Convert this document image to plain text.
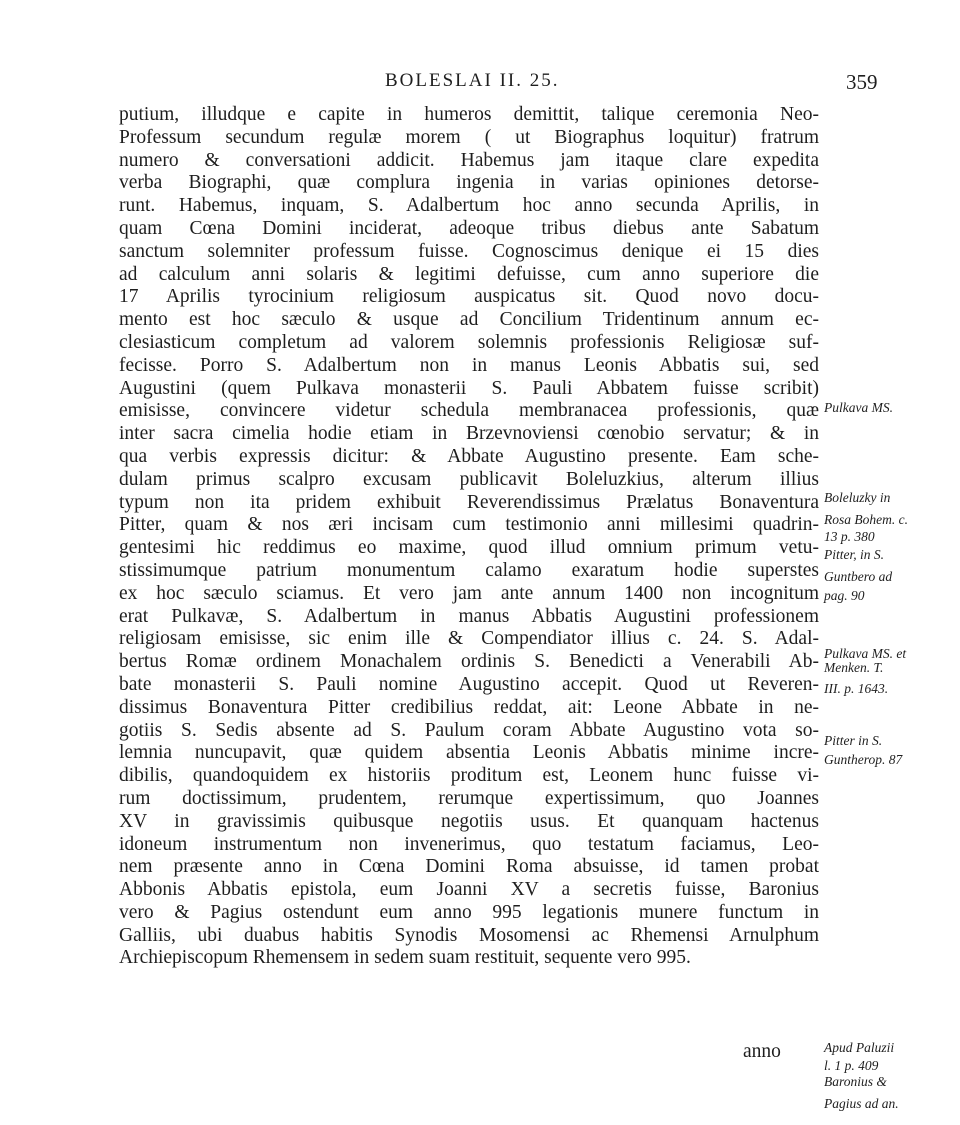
BOLESLAI II. 25.	359
putium, illudque e capite in humeros demittit, talique ceremonia Neo-
Professum secundum regulæ morem ( ut Biographus loquitur) fratrum
numero & conversationi addicit. Habemus jam itaque clare expedita
verba Biographi, quæ complura ingenia in varias opiniones detorse-
runt. Habemus, inquam, S. Adalbertum hoc anno secunda Aprilis, in
quam Cœna Domini inciderat, adeoque tribus diebus ante Sabatum
sanctum solemniter professum fuisse. Cognoscimus denique ei 15 dies
ad calculum anni solaris & legitimi defuisse, cum anno superiore die
17 Aprilis tyrocinium religiosum auspicatus sit. Quod novo docu-
mento est hoc sæculo & usque ad Concilium Tridentinum annum ec-
clesiasticum completum ad valorem solemnis professionis Religiosæ suf-
fecisse. Porro S. Adalbertum non in manus Leonis Abbatis sui, sed
Augustini (quem Pulkava monasterii S. Pauli Abbatem fuisse scribit)
emisisse, convincere videtur schedula membranacea professionis, quæ
inter sacra cimelia hodie etiam in Brzevnoviensi cœnobio servatur; & in
qua verbis expressis dicitur: & Abbate Augustino presente. Eam sche-
dulam primus scalpro excusam publicavit Boleluzkius, alterum illius
typum non ita pridem exhibuit Reverendissimus Prælatus Bonaventura
Pitter, quam & nos æri incisam cum testimonio anni millesimi quadrin-
gentesimi hic reddimus eo maxime, quod illud omnium primum vetu-
stissimumque patrium monumentum calamo exaratum hodie superstes
ex hoc sæculo sciamus. Et vero jam ante annum 1400 non incognitum
erat Pulkavæ, S. Adalbertum in manus Abbatis Augustini professionem
religiosam emisisse, sic enim ille & Compendiator illius c. 24. S. Adal-
bertus Romæ ordinem Monachalem ordinis S. Benedicti a Venerabili Ab-
bate monasterii S. Pauli nomine Augustino accepit. Quod ut Reveren-
dissimus Bonaventura Pitter credibilius reddat, ait: Leone Abbate in ne-
gotiis S. Sedis absente ad S. Paulum coram Abbate Augustino vota so-
lemnia nuncupavit, quæ quidem absentia Leonis Abbatis minime incre-
dibilis, quandoquidem ex historiis proditum est, Leonem hunc fuisse vi-
rum doctissimum, prudentem, rerumque expertissimum, quo Joannes
XV in gravissimis quibusque negotiis usus. Et quanquam hactenus
idoneum instrumentum non invenerimus, quo testatum faciamus, Leo-
nem præsente anno in Cœna Domini Roma absuisse, id tamen probat
Abbonis Abbatis epistola, eum Joanni XV a secretis fuisse, Baronius
vero & Pagius ostendunt eum anno 995 legationis munere functum in
Galliis, ubi duabus habitis Synodis Mosomensi ac Rhemensi Arnulphum
Archiepiscopum Rhemensem in sedem suam restituit, sequente vero 995.
Pulkava MS.
Boleluzky in
Rosa Bohem. c.
13 p. 380
Pitter, in S.
Guntbero ad
pag. 90
Pulkava MS. et
Menken. T.
III. p. 1643.
Pitter in S.
Guntherop. 87
Apud Paluzii
l. 1 p. 409
Baronius &
Pagius ad an.
anno
